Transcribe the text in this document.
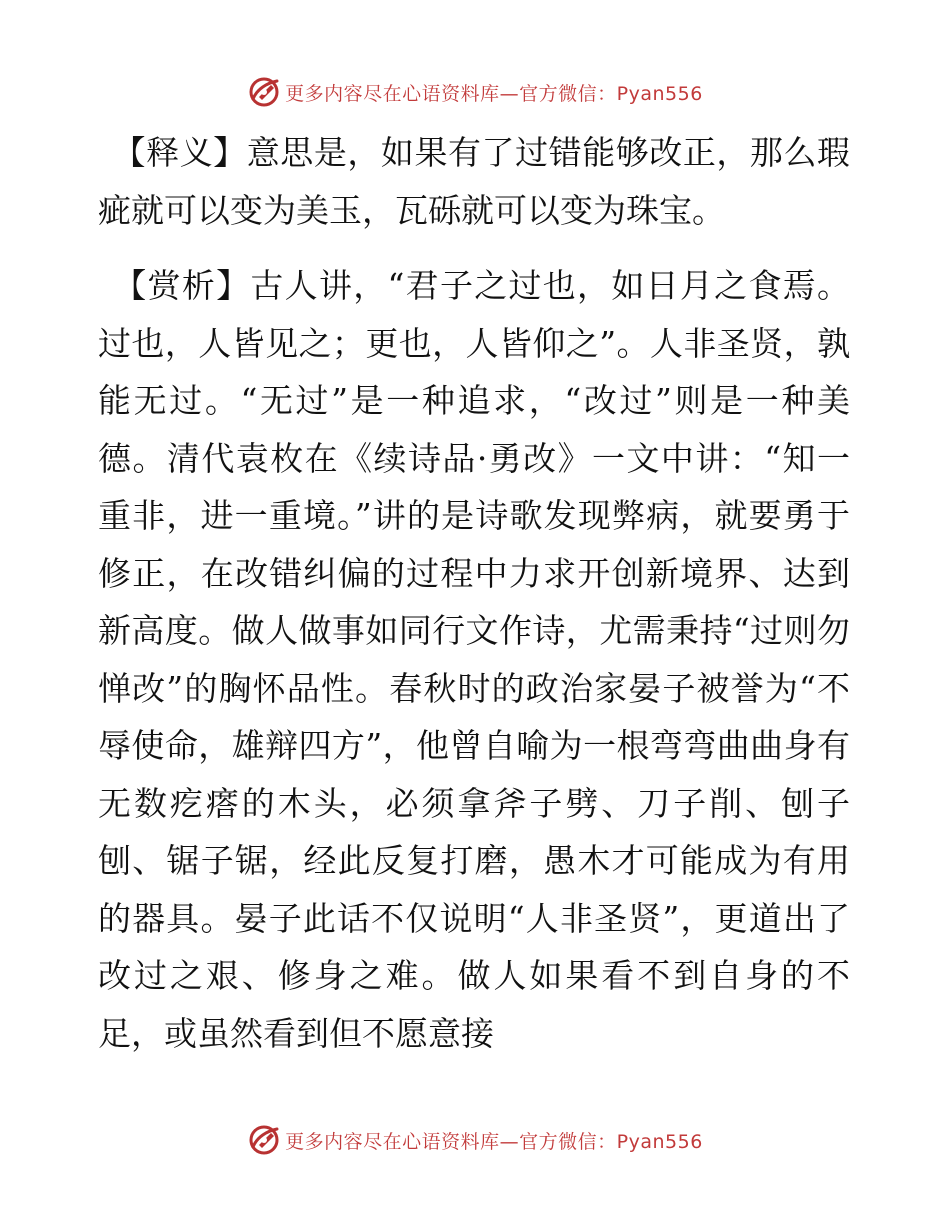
更多内容尽在心语资料库—官方微信：Pyan556

【释义】意思是，如果有了过错能够改正，那么瑕疵就可以变为美玉，瓦砾就可以变为珠宝。

【赏析】古人讲，“君子之过也，如日月之食焉。过也，人皆见之；更也，人皆仰之”。人非圣贤，孰能无过。“无过”是一种追求，“改过”则是一种美德。清代袁枚在《续诗品·勇改》一文中讲：“知一重非，进一重境。”讲的是诗歌发现弊病，就要勇于修正，在改错纠偏的过程中力求开创新境界、达到新高度。做人做事如同行文作诗，尤需秉持“过则勿惮改”的胸怀品性。春秋时的政治家晏子被誉为“不辱使命，雄辩四方”，他曾自喻为一根弯弯曲曲身有无数疙瘩的木头，必须拿斧子劈、刀子削、刨子刨、锯子锯，经此反复打磨，愚木才可能成为有用的器具。晏子此话不仅说明“人非圣贤”，更道出了改过之艰、修身之难。做人如果看不到自身的不足，或虽然看到但不愿意接

更多内容尽在心语资料库—官方微信：Pyan556
